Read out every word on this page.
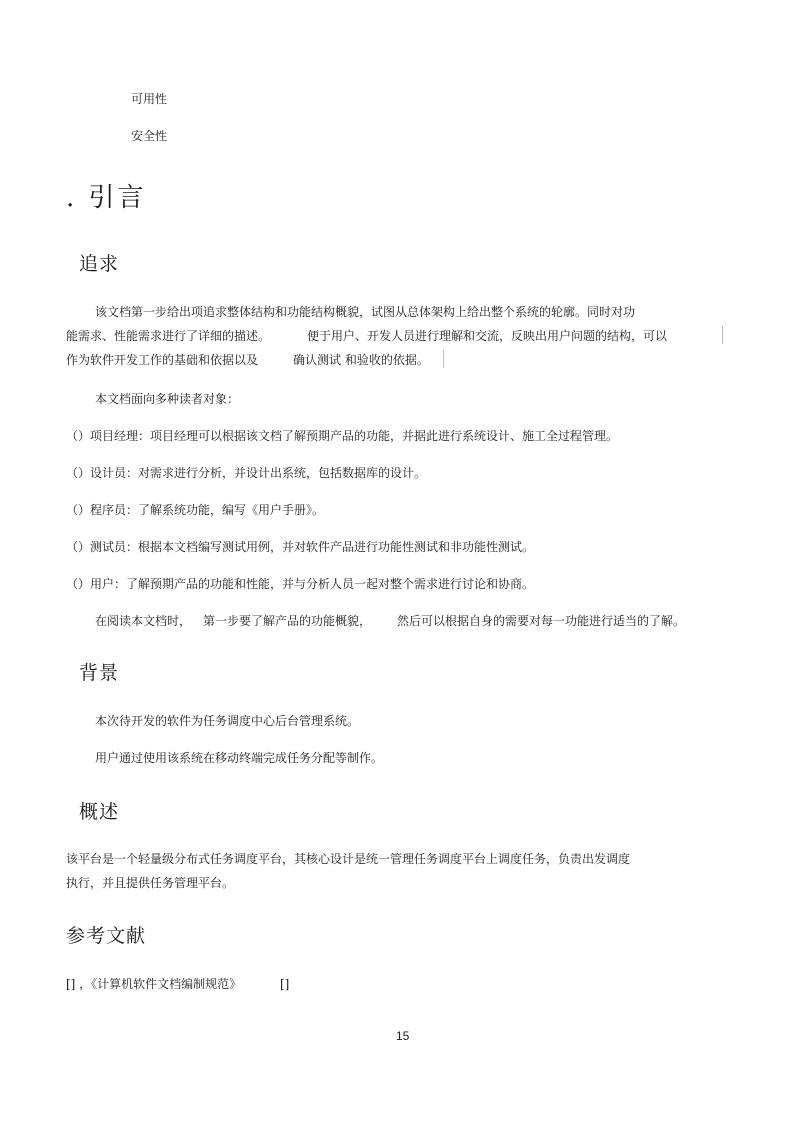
可用性
安全性
. 引言
追求
该文档第一步给出项追求整体结构和功能结构概貌，试图从总体架构上给出整个系统的轮廓。同时对功
能需求、性能需求进行了详细的描述。	便于用户、开发人员进行理解和交流，反映出用户问题的结构，可以
作为软件开发工作的基础和依据以及	确认测试 和验收的依据。
本文档面向多种读者对象：
（）项目经理：项目经理可以根据该文档了解预期产品的功能，并据此进行系统设计、施工全过程管理。
（）设计员：对需求进行分析，并设计出系统，包括数据库的设计。
（）程序员：了解系统功能，编写《用户手册》。
（）测试员：根据本文档编写测试用例，并对软件产品进行功能性测试和非功能性测试。
（）用户：了解预期产品的功能和性能，并与分析人员一起对整个需求进行讨论和协商。
在阅读本文档时， 第一步要了解产品的功能概貌， 然后可以根据自身的需要对每一功能进行适当的了解。
背景
本次待开发的软件为任务调度中心后台管理系统。
用户通过使用该系统在移动终端完成任务分配等制作。
概述
该平台是一个轻量级分布式任务调度平台，其核心设计是统一管理任务调度平台上调度任务，负责出发调度
执行，并且提供任务管理平台。
参考文献
[] ，《计算机软件文档编制规范》	[]
15
